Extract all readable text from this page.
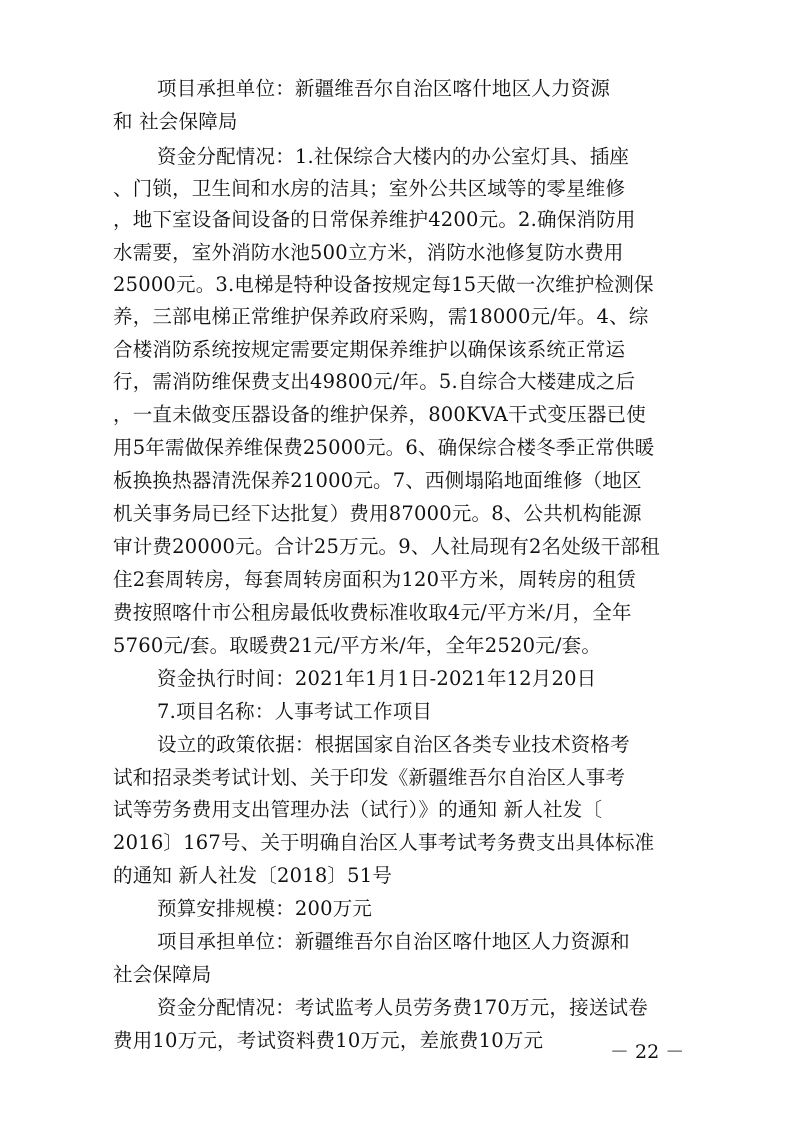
项目承担单位：新疆维吾尔自治区喀什地区人力资源
和 社会保障局
资金分配情况：1.社保综合大楼内的办公室灯具、插座
、门锁，卫生间和水房的洁具；室外公共区域等的零星维修
，地下室设备间设备的日常保养维护4200元。2.确保消防用
水需要，室外消防水池500立方米，消防水池修复防水费用
25000元。3.电梯是特种设备按规定每15天做一次维护检测保
养，三部电梯正常维护保养政府采购，需18000元/年。4、综
合楼消防系统按规定需要定期保养维护以确保该系统正常运
行，需消防维保费支出49800元/年。5.自综合大楼建成之后
，一直未做变压器设备的维护保养，800KVA干式变压器已使
用5年需做保养维保费25000元。6、确保综合楼冬季正常供暖
板换换热器清洗保养21000元。7、西侧塌陷地面维修（地区
机关事务局已经下达批复）费用87000元。8、公共机构能源
审计费20000元。合计25万元。9、人社局现有2名处级干部租
住2套周转房，每套周转房面积为120平方米，周转房的租赁
费按照喀什市公租房最低收费标准收取4元/平方米/月，全年
5760元/套。取暖费21元/平方米/年，全年2520元/套。
资金执行时间：2021年1月1日-2021年12月20日
7.项目名称：人事考试工作项目
设立的政策依据：根据国家自治区各类专业技术资格考
试和招录类考试计划、关于印发《新疆维吾尔自治区人事考
试等劳务费用支出管理办法（试行）》的通知 新人社发〔
2016〕167号、关于明确自治区人事考试考务费支出具体标准
的通知 新人社发〔2018〕51号
预算安排规模：200万元
项目承担单位：新疆维吾尔自治区喀什地区人力资源和
社会保障局
资金分配情况：考试监考人员劳务费170万元，接送试卷
费用10万元，考试资料费10万元，差旅费10万元	－ 22 －
